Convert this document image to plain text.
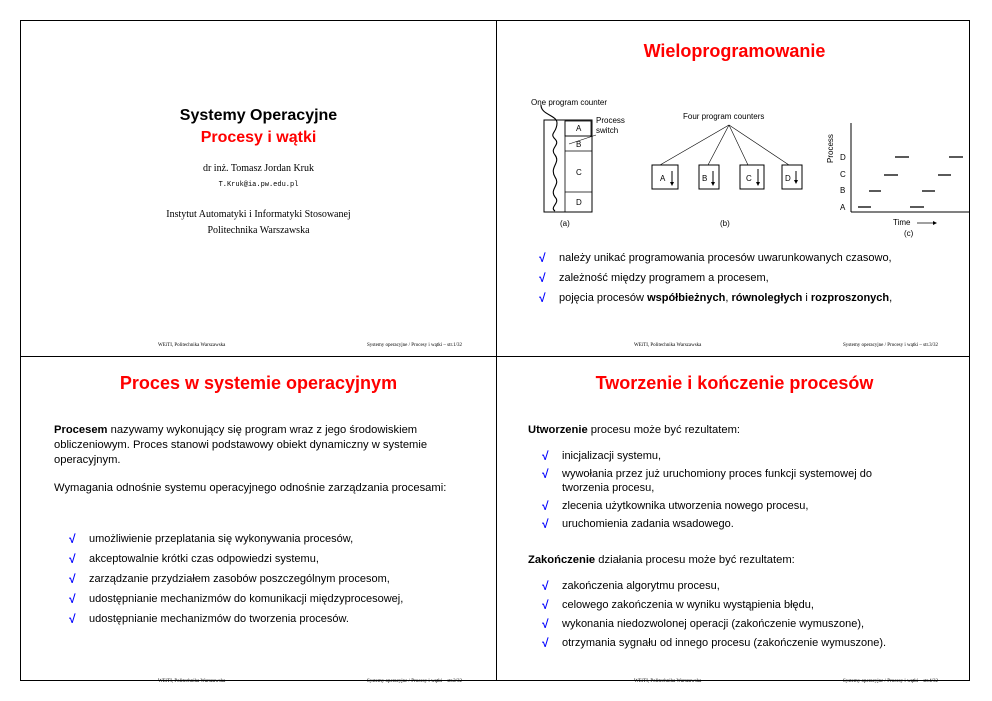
Systemy Operacyjne
Procesy i wątki
dr inż. Tomasz Jordan Kruk
T.Kruk@ia.pw.edu.pl
Instytut Automatyki i Informatyki Stosowanej
Politechnika Warszawska
WEiTI, Politechnika Warszawska	Systemy operacyjne / Procesy i wątki – str.1/32
Wieloprogramowanie
One program counter
A
B
C
D
Process
switch
(a)
Four program counters
A	B	C	D
(b)
Process D
C
B
A
Time
(c)
√ należy unikać programowania procesów uwarunkowanych czasowo,
√ zależność między programem a procesem,
√ pojęcia procesów współbieżnych, równoległych i rozproszonych,
WEiTI, Politechnika Warszawska	Systemy operacyjne / Procesy i wątki – str.3/32
Proces w systemie operacyjnym
Procesem nazywamy wykonujący się program wraz z jego środowiskiem obliczeniowym. Proces stanowi podstawowy obiekt dynamiczny w systemie operacyjnym.
Wymagania odnośnie systemu operacyjnego odnośnie zarządzania procesami:
√ umożliwienie przeplatania się wykonywania procesów,
√ akceptowalnie krótki czas odpowiedzi systemu,
√ zarządzanie przydziałem zasobów poszczególnym procesom,
√ udostępnianie mechanizmów do komunikacji międzyprocesowej,
√ udostępnianie mechanizmów do tworzenia procesów.
WEiTI, Politechnika Warszawska	Systemy operacyjne / Procesy i wątki – str.2/32
Tworzenie i kończenie procesów
Utworzenie procesu może być rezultatem:
√ inicjalizacji systemu,
√ wywołania przez już uruchomiony proces funkcji systemowej do tworzenia procesu,
√ zlecenia użytkownika utworzenia nowego procesu,
√ uruchomienia zadania wsadowego.
Zakończenie działania procesu może być rezultatem:
√ zakończenia algorytmu procesu,
√ celowego zakończenia w wyniku wystąpienia błędu,
√ wykonania niedozwolonej operacji (zakończenie wymuszone),
√ otrzymania sygnału od innego procesu (zakończenie wymuszone).
WEiTI, Politechnika Warszawska	Systemy operacyjne / Procesy i wątki – str.4/32
